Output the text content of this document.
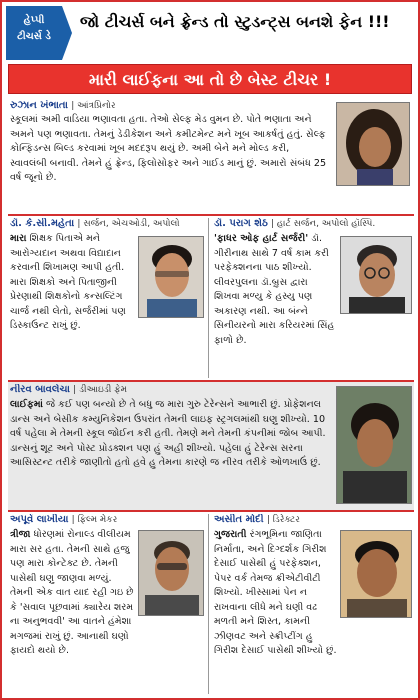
હેપ્પી
ટીચર્સ ડે
જો ટીચર્સ બને ફ્રેન્ડ તો સ્ટુડન્ટ્સ બનશે ફેન !!!
મારી લાઈફના આ તો છે બેસ્ટ ટીચર !
રુઝાન ખંભાતા | આંત્રપ્રિનોર
સ્કૂલમાં અમી વાડિયા ભણાવતા હતા. તેઓ સેલ્ફ મેડ વુમન છે. પોતે ભણાતા અને અમને પણ ભણાવતા. તેમનું ડેડીકેશન અને કમીટમેન્ટ મને ખૂબ આકર્ષતું હતું. સેલ્ફ કોન્ફિડન્સ બિલ્ડ કરવામાં ખૂબ મદદરૂપ થયું છે. અમી બેને મને મોલ્ડ કરી, સ્વાવલંબી બનાવી. તેમને હું ફ્રેન્ડ, ફિલોસોફર અને ગાઈડ માનું છું. અમારો સંબંધ 25 વર્ષ જૂનો છે.
ડૉ. કે.સી.મહેતા | સર્જન, એચઓડી, અપોલો
મારા શિક્ષક પિતાએ મને આરોગ્યદાન અથવા વિદ્યાદાન કરવાની શિખામણ આપી હતી. મારા શિક્ષકો અને પિતાજીની પ્રેરણાથી શિક્ષકોનો કન્સલ્ટિંગ ચાર્જ નથી લેતો, સર્જરીમાં પણ ડિસ્કાઉન્ટ રાખું છું.
ડૉ. પરાગ શેઠ | હાર્ટ સર્જન, અપોલો હૉસ્પિ.
'ફાધર ઓફ હાર્ટ સર્જરી' ડૉ. ગીરીનાથ સાથે 7 વર્ષ કામ કરી પરફેક્શનના પાઠ શીખ્યો. લીવરપુલના ડૉ.બ્રુસ દ્વારા શિખવા મળ્યુ કે હસ્યુ પણ અકારણ નથી. આ બંન્ને સિનીયરનો મારા કરિયરમાં સિંહ ફાળો છે.
નીરવ બાવલેચા | ડીઆઇડી ફેમ
લાઈફમાં જે કઈ પણ બન્યો છે તે બધુ જ મારા ગુરુ ટેરેન્સને આભારી છું. પ્રોફેશનલ ડાન્સ અને બેસીક કમ્યુનિકેશન ઉપરાંત તેમની લાઇફ સ્ટ્રગલમાંથી ઘણુ શીખ્યો. 10 વર્ષ પહેલા મે તેમની સ્કૂલ જોઈન કરી હતી. તેમણે મને તેમની કંપનીમાં જોબ આપી. ડાન્સનું શૂટ અને પોસ્ટ પ્રોડક્શન પણ હું અહી શીખ્યો. પહેલા હું ટેરેન્સ સરના આસિસ્ટન્ટ તરીકે જાણીતો હતો હવે હુ તેમના કારણે જ નીરવ તરીકે ઓળખાઉં છું.
અપૂર્વ લાખીયા | ફિલ્મ મેકર
ત્રીજા ધોરણમાં રોનાલ્ડ વીલીયમ મારા સર હતા. તેમની સાથે હજુ પણ મારા કોન્ટેક્ટ છે. તેમની પાસેથી ઘણુ જાણવા મળ્યું. તેમની એક વાત યાદ રહી ગઇ છે કે 'સવાલ પૂછવામાં ક્યારેય શરમ ના અનુભવવી' આ વાતને હંમેશા મગજમાં રાખું છું. આનાથી ઘણો ફાયદો થયો છે.
અસીત મોદી | ડિરેક્ટર
ગુજરાતી રંગભૂમિના જાણિતા નિર્માતા, અને દિગ્દર્શક ગિરીશ દેસાઈ પાસેથી હું પરફેક્શન, પેપર વર્ક તેમજ ક્રીએટીવીટી શિખ્યો. ખીસ્સામાં પેન ન રાખવાના લીધે મને ઘણી વઢ મળતી મને શિસ્ત, કામની ઝીણવટ અને સ્ક્રીપ્ટીંગ હુ ગિરીશ દેસાઈ પાસેથી શીખ્યો છું.
